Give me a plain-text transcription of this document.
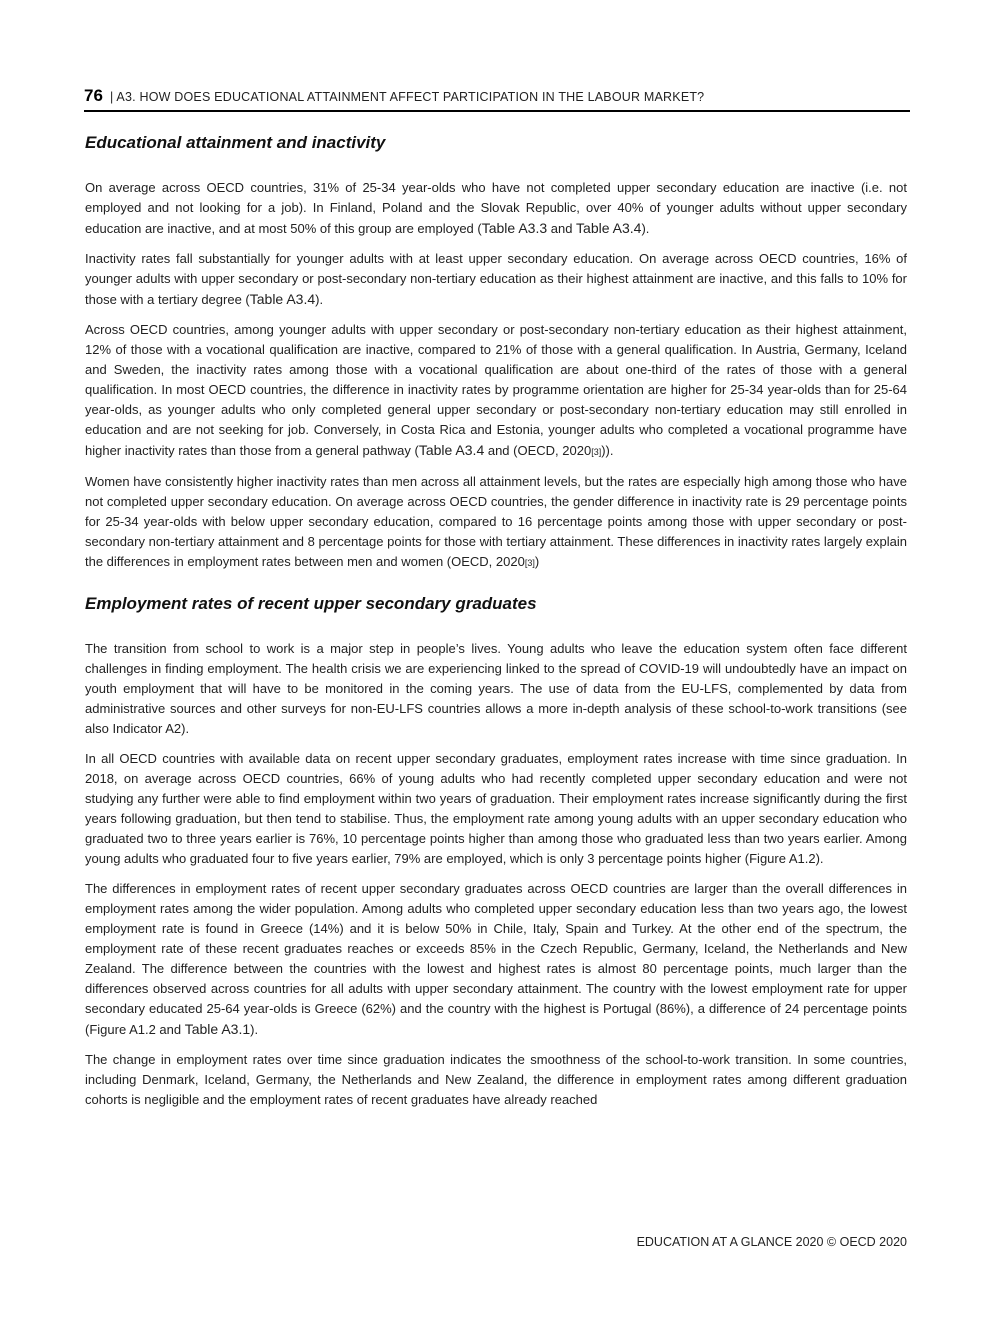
76 | A3. HOW DOES EDUCATIONAL ATTAINMENT AFFECT PARTICIPATION IN THE LABOUR MARKET?
Educational attainment and inactivity

On average across OECD countries, 31% of 25-34 year-olds who have not completed upper secondary education are inactive (i.e. not employed and not looking for a job). In Finland, Poland and the Slovak Republic, over 40% of younger adults without upper secondary education are inactive, and at most 50% of this group are employed (Table A3.3 and Table A3.4).

Inactivity rates fall substantially for younger adults with at least upper secondary education. On average across OECD countries, 16% of younger adults with upper secondary or post-secondary non-tertiary education as their highest attainment are inactive, and this falls to 10% for those with a tertiary degree (Table A3.4).

Across OECD countries, among younger adults with upper secondary or post-secondary non-tertiary education as their highest attainment, 12% of those with a vocational qualification are inactive, compared to 21% of those with a general qualification. In Austria, Germany, Iceland and Sweden, the inactivity rates among those with a vocational qualification are about one-third of the rates of those with a general qualification. In most OECD countries, the difference in inactivity rates by programme orientation are higher for 25-34 year-olds than for 25-64 year-olds, as younger adults who only completed general upper secondary or post-secondary non-tertiary education may still enrolled in education and are not seeking for job. Conversely, in Costa Rica and Estonia, younger adults who completed a vocational programme have higher inactivity rates than those from a general pathway (Table A3.4 and (OECD, 2020[3])).

Women have consistently higher inactivity rates than men across all attainment levels, but the rates are especially high among those who have not completed upper secondary education. On average across OECD countries, the gender difference in inactivity rate is 29 percentage points for 25-34 year-olds with below upper secondary education, compared to 16 percentage points among those with upper secondary or post-secondary non-tertiary attainment and 8 percentage points for those with tertiary attainment. These differences in inactivity rates largely explain the differences in employment rates between men and women (OECD, 2020[3])

Employment rates of recent upper secondary graduates

The transition from school to work is a major step in people’s lives. Young adults who leave the education system often face different challenges in finding employment. The health crisis we are experiencing linked to the spread of COVID-19 will undoubtedly have an impact on youth employment that will have to be monitored in the coming years. The use of data from the EU-LFS, complemented by data from administrative sources and other surveys for non-EU-LFS countries allows a more in-depth analysis of these school-to-work transitions (see also Indicator A2).

In all OECD countries with available data on recent upper secondary graduates, employment rates increase with time since graduation. In 2018, on average across OECD countries, 66% of young adults who had recently completed upper secondary education and were not studying any further were able to find employment within two years of graduation. Their employment rates increase significantly during the first years following graduation, but then tend to stabilise. Thus, the employment rate among young adults with an upper secondary education who graduated two to three years earlier is 76%, 10 percentage points higher than among those who graduated less than two years earlier. Among young adults who graduated four to five years earlier, 79% are employed, which is only 3 percentage points higher (Figure A1.2).

The differences in employment rates of recent upper secondary graduates across OECD countries are larger than the overall differences in employment rates among the wider population. Among adults who completed upper secondary education less than two years ago, the lowest employment rate is found in Greece (14%) and it is below 50% in Chile, Italy, Spain and Turkey. At the other end of the spectrum, the employment rate of these recent graduates reaches or exceeds 85% in the Czech Republic, Germany, Iceland, the Netherlands and New Zealand. The difference between the countries with the lowest and highest rates is almost 80 percentage points, much larger than the differences observed across countries for all adults with upper secondary attainment. The country with the lowest employment rate for upper secondary educated 25-64 year-olds is Greece (62%) and the country with the highest is Portugal (86%), a difference of 24 percentage points (Figure A1.2 and Table A3.1).

The change in employment rates over time since graduation indicates the smoothness of the school-to-work transition. In some countries, including Denmark, Iceland, Germany, the Netherlands and New Zealand, the difference in employment rates among different graduation cohorts is negligible and the employment rates of recent graduates have already reached

EDUCATION AT A GLANCE 2020 © OECD 2020
